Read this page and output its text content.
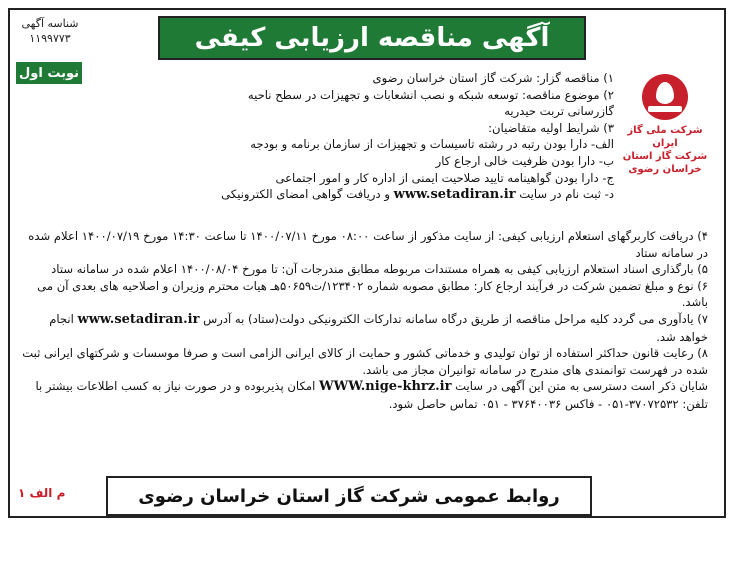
شناسه آگهی
۱۱۹۹۷۷۳
نوبت اول
آگهی مناقصه ارزیابی کیفی
شرکت ملی گاز ایران
شرکت گاز استان
خراسان رضوی
۱) مناقصه گزار: شرکت گاز استان خراسان رضوی
۲) موضوع مناقصه: توسعه شبکه و نصب انشعابات و تجهیزات در سطح ناحیه
گازرسانی تربت حیدریه
۳) شرایط اولیه متقاضیان:
الف- دارا بودن رتبه در رشته تاسیسات و تجهیزات از سازمان برنامه و بودجه
ب- دارا بودن ظرفیت خالی ارجاع کار
ج- دارا بودن گواهینامه تایید صلاحیت ایمنی از اداره کار و امور اجتماعی
د- ثبت نام در سایت www.setadiran.ir و دریافت گواهی امضای الکترونیکی
۴) دریافت کاربرگهای استعلام ارزیابی کیفی: از سایت مذکور از ساعت ۰۸:۰۰ مورخ ۱۴۰۰/۰۷/۱۱ تا ساعت ۱۴:۳۰ مورخ ۱۴۰۰/۰۷/۱۹ اعلام شده در سامانه ستاد
۵) بارگذاری اسناد استعلام ارزیابی کیفی به همراه مستندات مربوطه مطابق مندرجات آن: تا مورخ ۱۴۰۰/۰۸/۰۴ اعلام شده در سامانه ستاد
۶) نوع و مبلغ تضمین شرکت در فرآیند ارجاع کار: مطابق مصوبه شماره ۱۲۳۴۰۲/ت۵۰۶۵۹هـ هیات محترم وزیران و اصلاحیه های بعدی آن می باشد.
۷) یادآوری می گردد کلیه مراحل مناقصه از طریق درگاه سامانه تدارکات الکترونیکی دولت(ستاد) به آدرس www.setadiran.ir انجام خواهد شد.
۸) رعایت قانون حداکثر استفاده از توان تولیدی و خدماتی کشور و حمایت از کالای ایرانی الزامی است و صرفا موسسات و شرکتهای ایرانی ثبت شده در فهرست توانمندی های مندرج در سامانه توانیران مجاز می باشد.
شایان ذکر است دسترسی به متن این آگهی در سایت WWW.nige-khrz.ir امکان پذیربوده و در صورت نیاز به کسب اطلاعات بیشتر با تلفن: ۳۷۰۷۲۵۳۲-۰۵۱ - فاکس ۳۷۶۴۰۰۳۶ - ۰۵۱ تماس حاصل شود.
م الف ۱	روابط عمومی شرکت گاز استان خراسان رضوی
